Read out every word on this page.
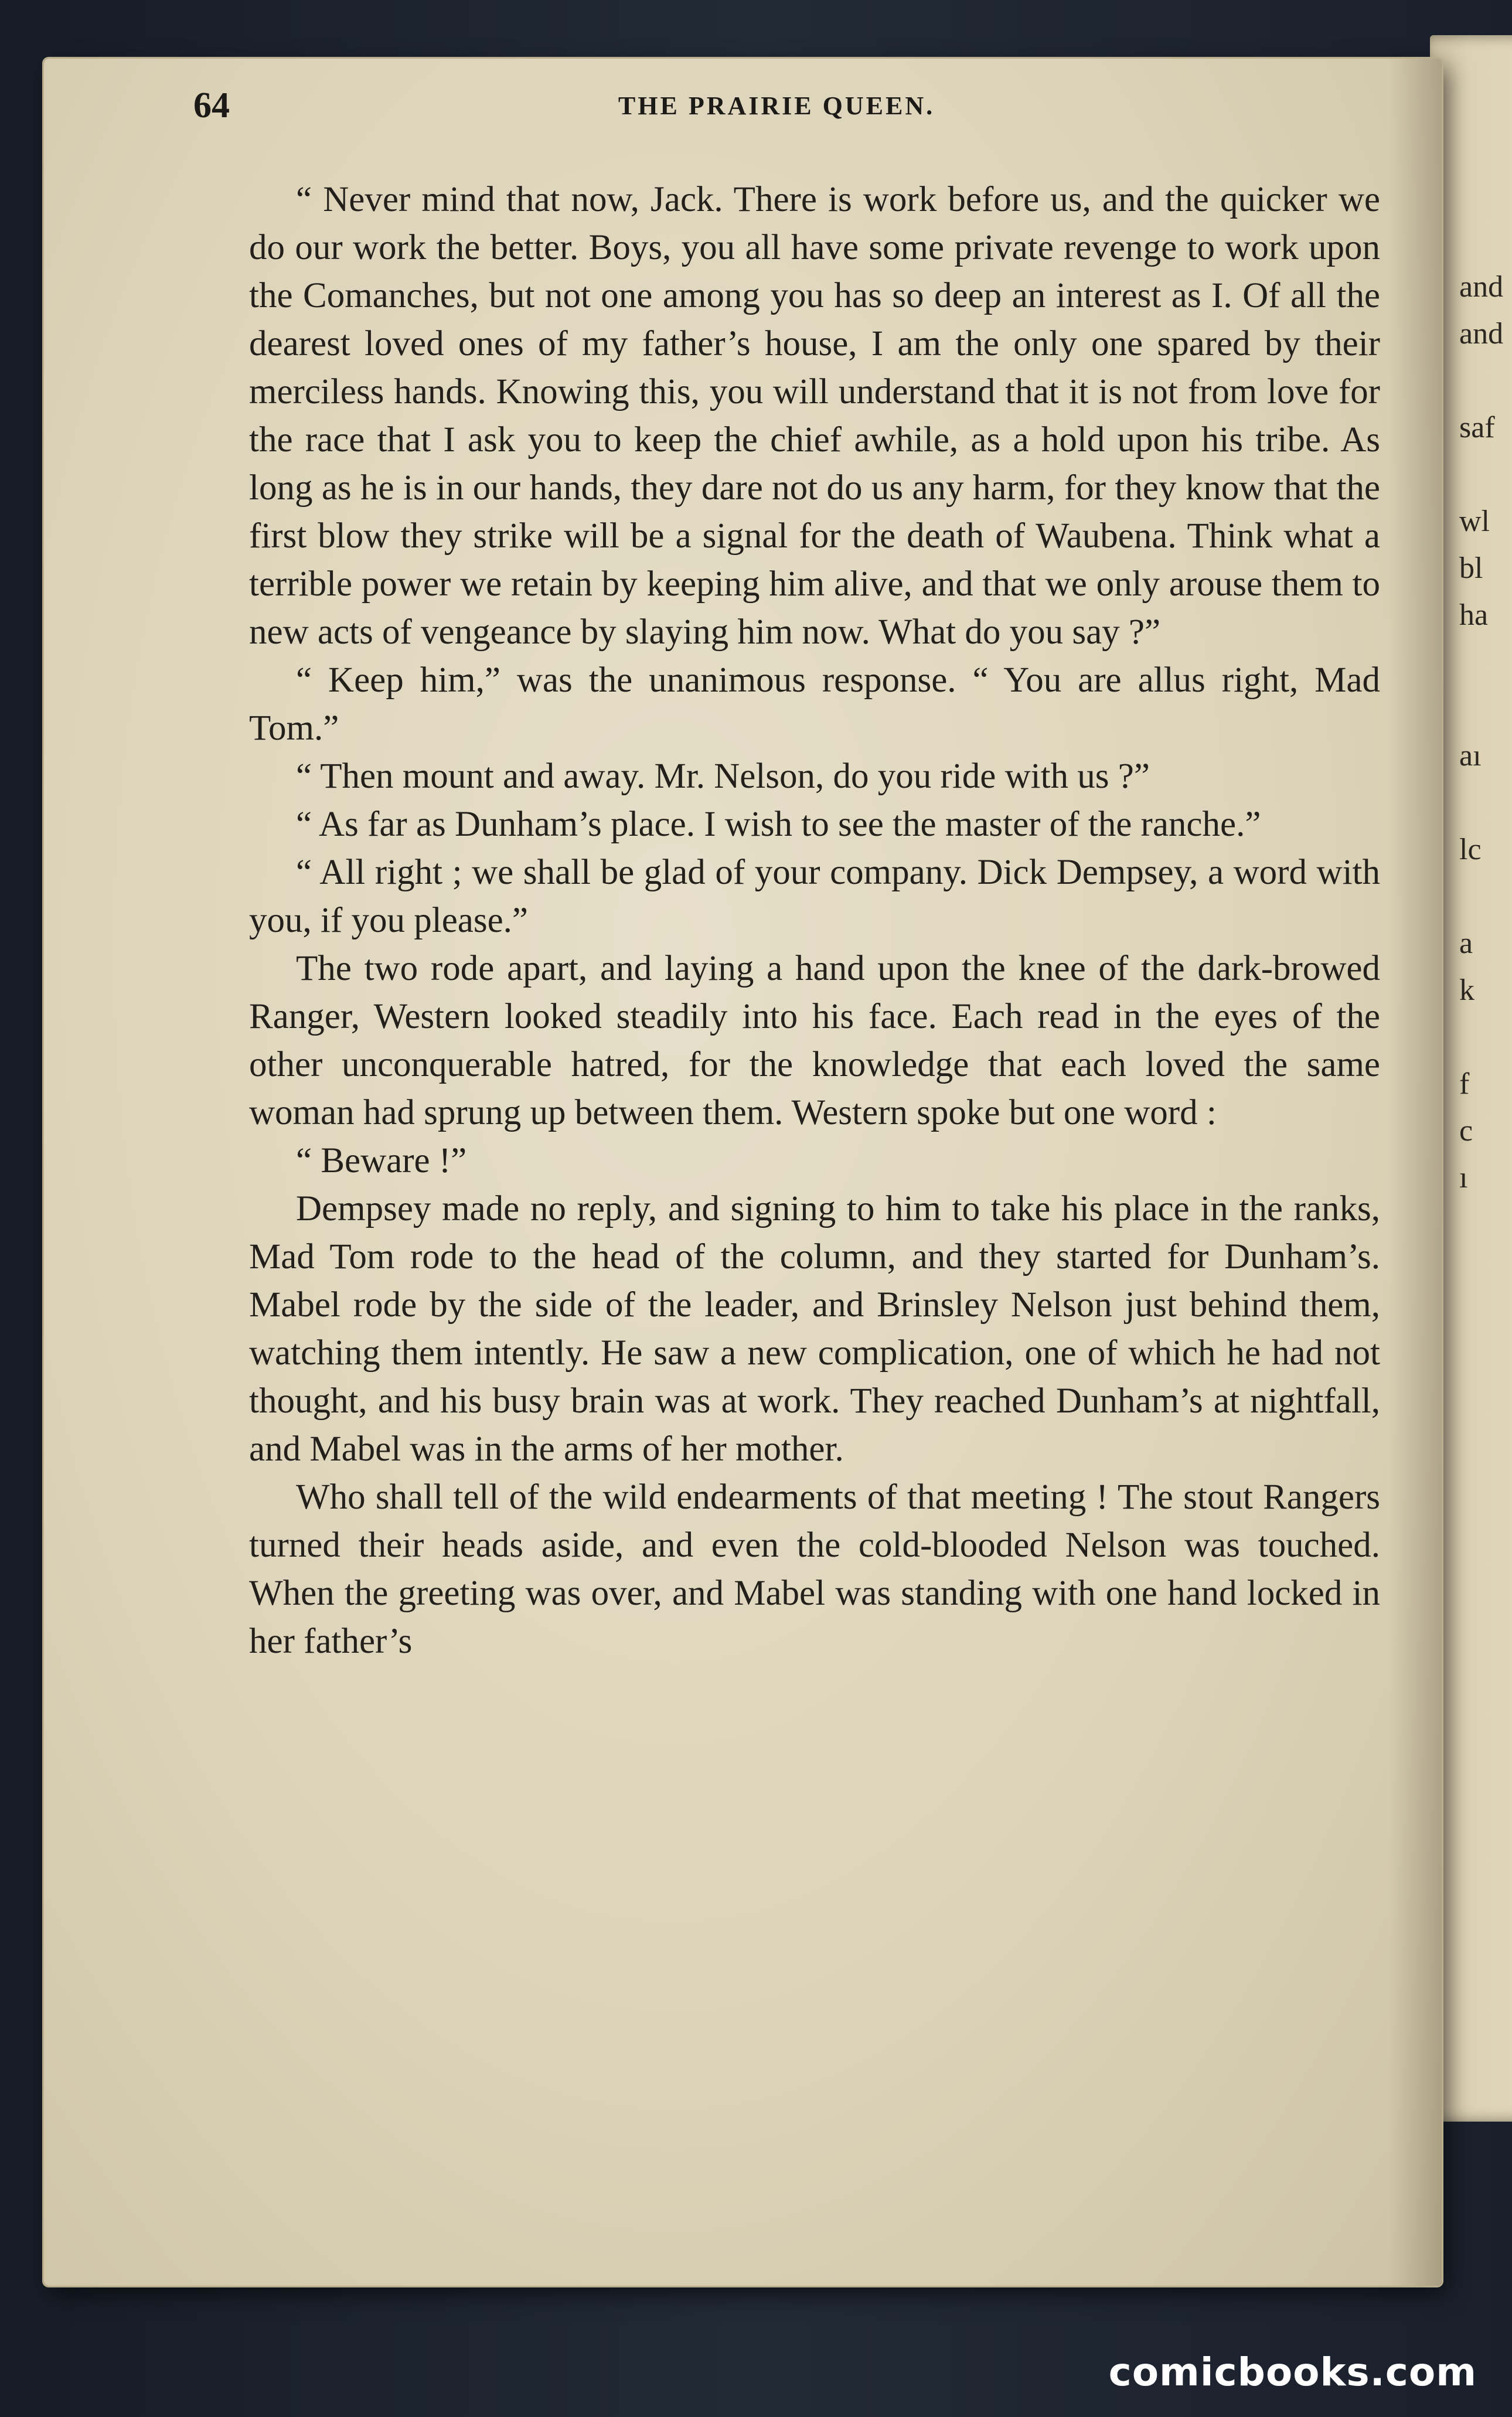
and
and
saf
wl
bl
ha
aı
lc
a
k
f
c
ı
64	THE PRAIRIE QUEEN.

“ Never mind that now, Jack. There is work before us, and the quicker we do our work the better. Boys, you all have some private revenge to work upon the Comanches, but not one among you has so deep an interest as I. Of all the dearest loved ones of my father’s house, I am the only one spared by their merciless hands. Knowing this, you will understand that it is not from love for the race that I ask you to keep the chief awhile, as a hold upon his tribe. As long as he is in our hands, they dare not do us any harm, for they know that the first blow they strike will be a signal for the death of Waubena. Think what a terrible power we retain by keeping him alive, and that we only arouse them to new acts of vengeance by slaying him now. What do you say ?”

“ Keep him,” was the unanimous response. “ You are allus right, Mad Tom.”

“ Then mount and away. Mr. Nelson, do you ride with us ?”

“ As far as Dunham’s place. I wish to see the master of the ranche.”

“ All right ; we shall be glad of your company. Dick Dempsey, a word with you, if you please.”

The two rode apart, and laying a hand upon the knee of the dark-browed Ranger, Western looked steadily into his face. Each read in the eyes of the other unconquerable hatred, for the knowledge that each loved the same woman had sprung up between them. Western spoke but one word :

“ Beware !”

Dempsey made no reply, and signing to him to take his place in the ranks, Mad Tom rode to the head of the column, and they started for Dunham’s. Mabel rode by the side of the leader, and Brinsley Nelson just behind them, watching them intently. He saw a new complication, one of which he had not thought, and his busy brain was at work. They reached Dunham’s at nightfall, and Mabel was in the arms of her mother.

Who shall tell of the wild endearments of that meeting ! The stout Rangers turned their heads aside, and even the cold-blooded Nelson was touched. When the greeting was over, and Mabel was standing with one hand locked in her father’s

comicbooks.com
